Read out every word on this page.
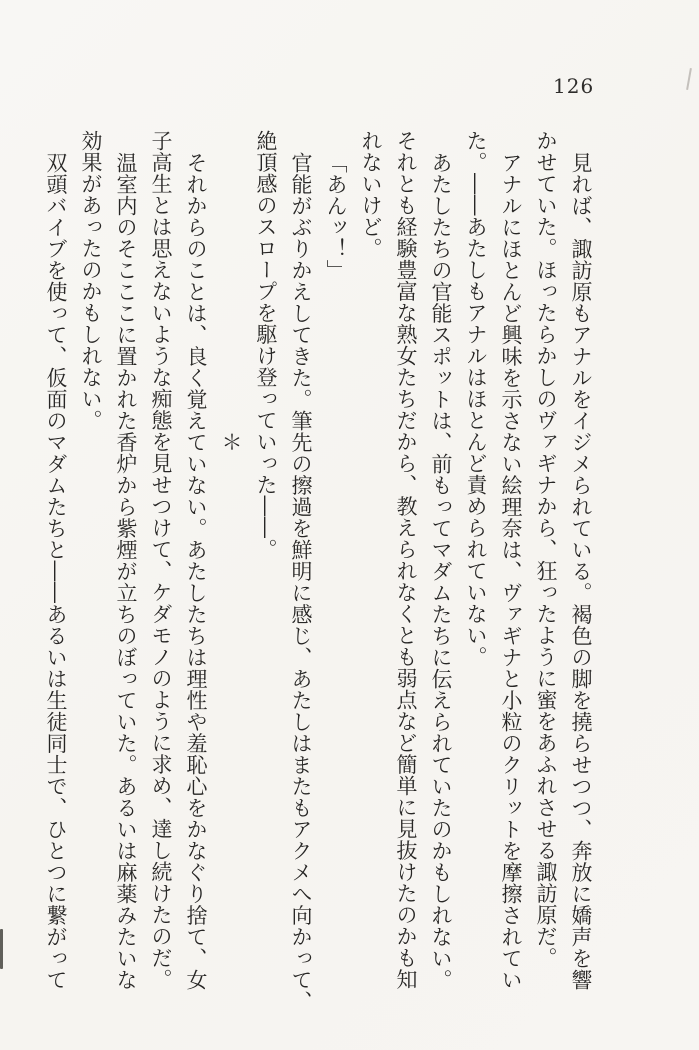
126

見れば、諏訪原もアナルをイジメられている。褐色の脚を撓らせつつ、奔放に嬌声を響

かせていた。ほったらかしのヴァギナから、狂ったように蜜をあふれさせる諏訪原だ。

アナルにほとんど興味を示さない絵理奈は、ヴァギナと小粒のクリットを摩擦されてい

た。――あたしもアナルはほとんど責められていない。

あたしたちの官能スポットは、前もってマダムたちに伝えられていたのかもしれない。

それとも経験豊富な熟女たちだから、教えられなくとも弱点など簡単に見抜けたのかも知

れないけど。

「あんッ！」

官能がぶりかえしてきた。筆先の擦過を鮮明に感じ、あたしはまたもアクメへ向かって、

絶頂感のスロープを駆け登っていった――。

＊

それからのことは、良く覚えていない。あたしたちは理性や羞恥心をかなぐり捨て、女

子高生とは思えないような痴態を見せつけて、ケダモノのように求め、達し続けたのだ。

温室内のそこここに置かれた香炉から紫煙が立ちのぼっていた。あるいは麻薬みたいな

効果があったのかもしれない。

双頭バイブを使って、仮面のマダムたちと――あるいは生徒同士で、ひとつに繋がって
